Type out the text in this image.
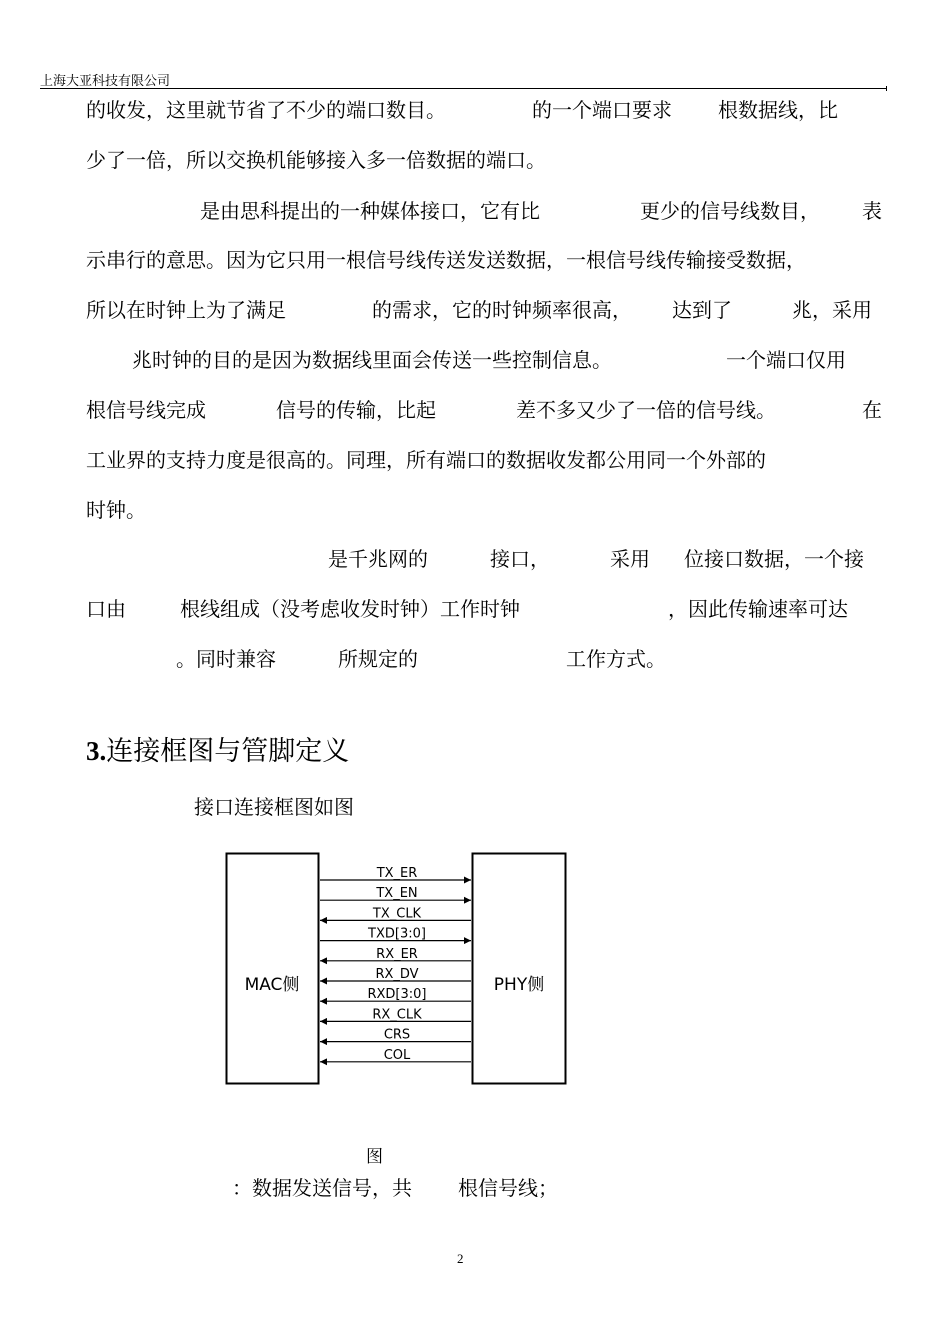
上海大亚科技有限公司
的收发，这里就节省了不少的端口数目。	的一个端口要求 根数据线，比
少了一倍，所以交换机能够接入多一倍数据的端口。
是由思科提出的一种媒体接口，它有比	更少的信号线数目， 表
示串行的意思。因为它只用一根信号线传送发送数据，一根信号线传输接受数据，
所以在时钟上为了满足	的需求，它的时钟频率很高， 达到了	兆，采用
兆时钟的目的是因为数据线里面会传送一些控制信息。	一个端口仅用
根信号线完成	信号的传输，比起	差不多又少了一倍的信号线。	在
工业界的支持力度是很高的。同理，所有端口的数据收发都公用同一个外部的
时钟。
是千兆网的	接口，	采用 位接口数据，一个接
口由	根线组成（没考虑收发时钟）工作时钟	，因此传输速率可达
。同时兼容	所规定的	工作方式。
3.连接框图与管脚定义
接口连接框图如图
MAC侧	PHY侧
TX_ER
TX_EN
TX_CLK
TXD[3:0]
RX_ER
RX_DV
RXD[3:0]
RX_CLK
CRS
COL
图
：数据发送信号，共 根信号线；
2
